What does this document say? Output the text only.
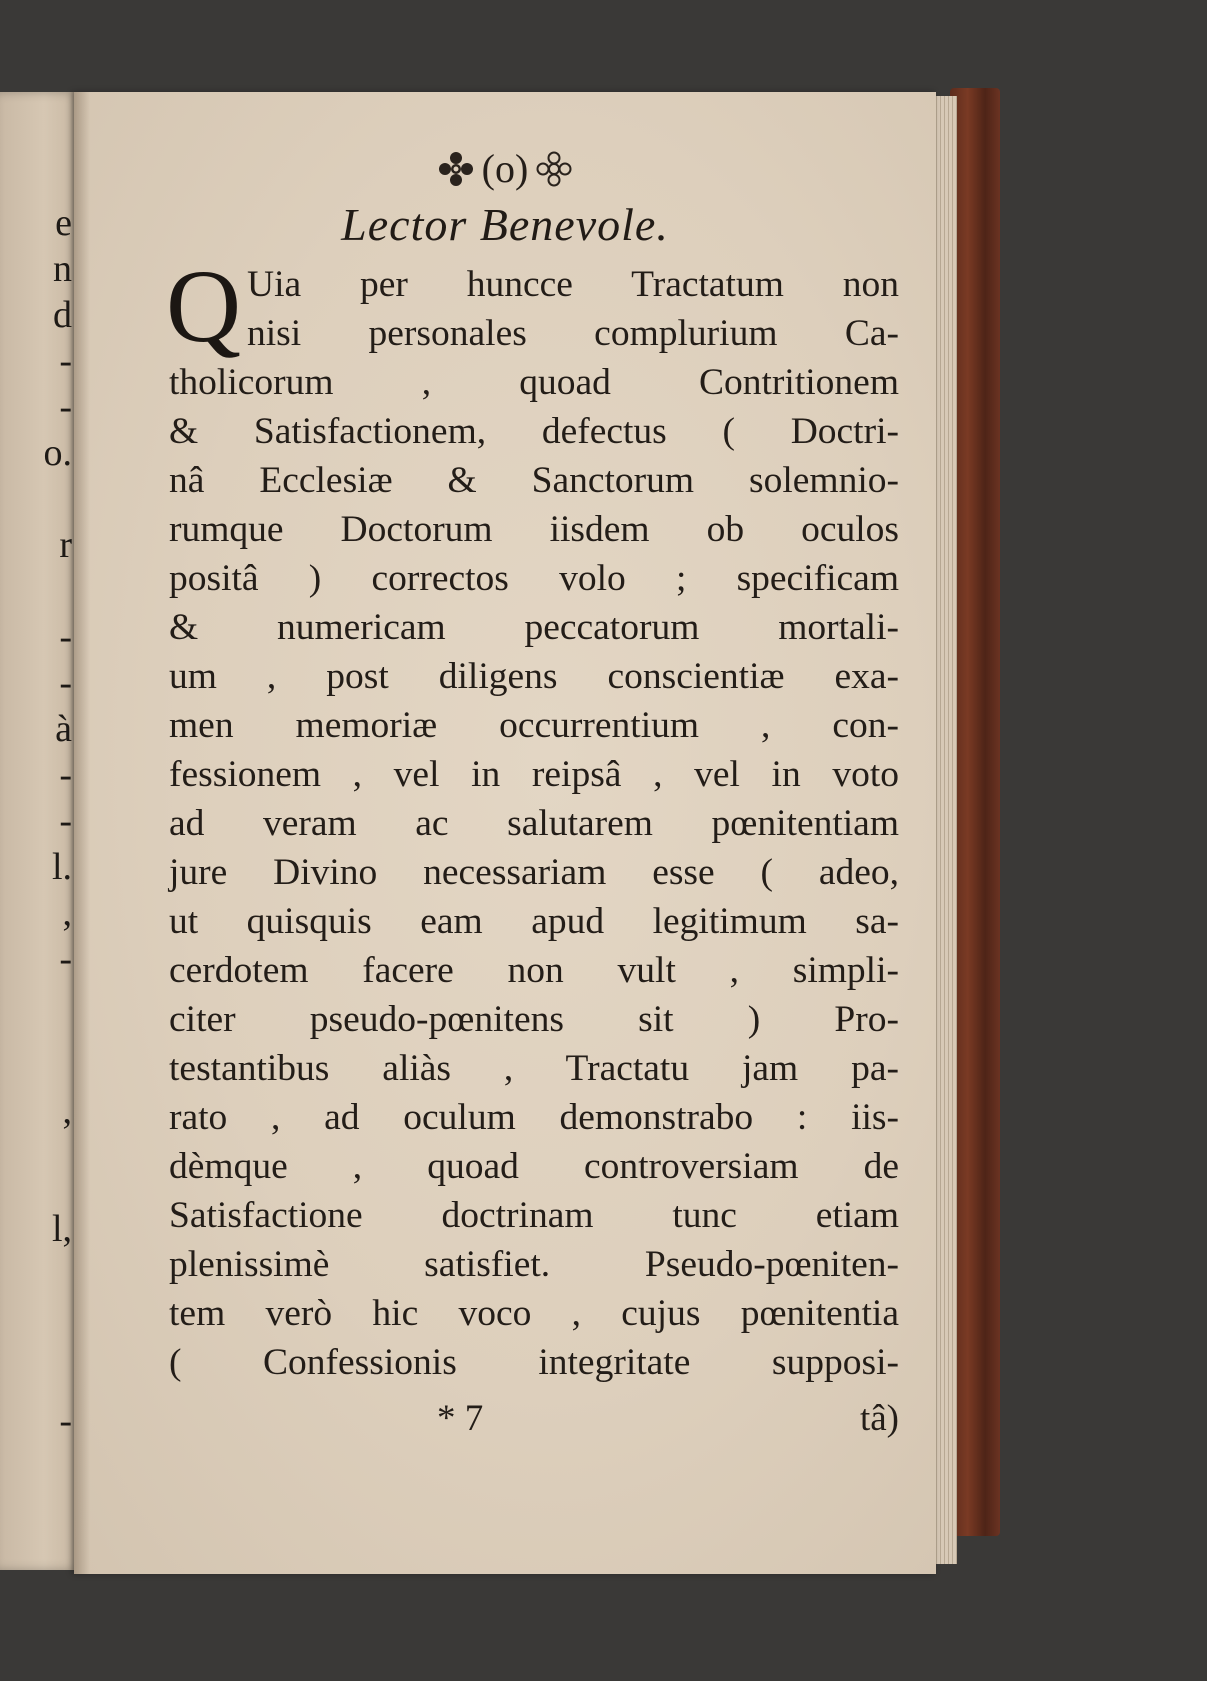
e
n
d
-
-
o.
r
-
-
à
-
-
l.
,
-
,
l,
-
(o)
Lector Benevole.
Q Uia per huncce Tractatum non
nisi personales complurium Ca-
tholicorum , quoad Contritionem
& Satisfactionem, defectus ( Doctri-
nâ Ecclesiæ & Sanctorum solemnio-
rumque Doctorum iisdem ob oculos
positâ ) correctos volo ; specificam
& numericam peccatorum mortali-
um , post diligens conscientiæ exa-
men memoriæ occurrentium , con-
fessionem , vel in reipsâ , vel in voto
ad veram ac salutarem pœnitentiam
jure Divino necessariam esse ( adeo,
ut quisquis eam apud legitimum sa-
cerdotem facere non vult , simpli-
citer pseudo-pœnitens sit ) Pro-
testantibus aliàs , Tractatu jam pa-
rato , ad oculum demonstrabo : iis-
dèmque , quoad controversiam de
Satisfactione doctrinam tunc etiam
plenissimè satisfiet. Pseudo-pœniten-
tem verò hic voco , cujus pœnitentia
( Confessionis integritate supposi-
* 7	tâ)
